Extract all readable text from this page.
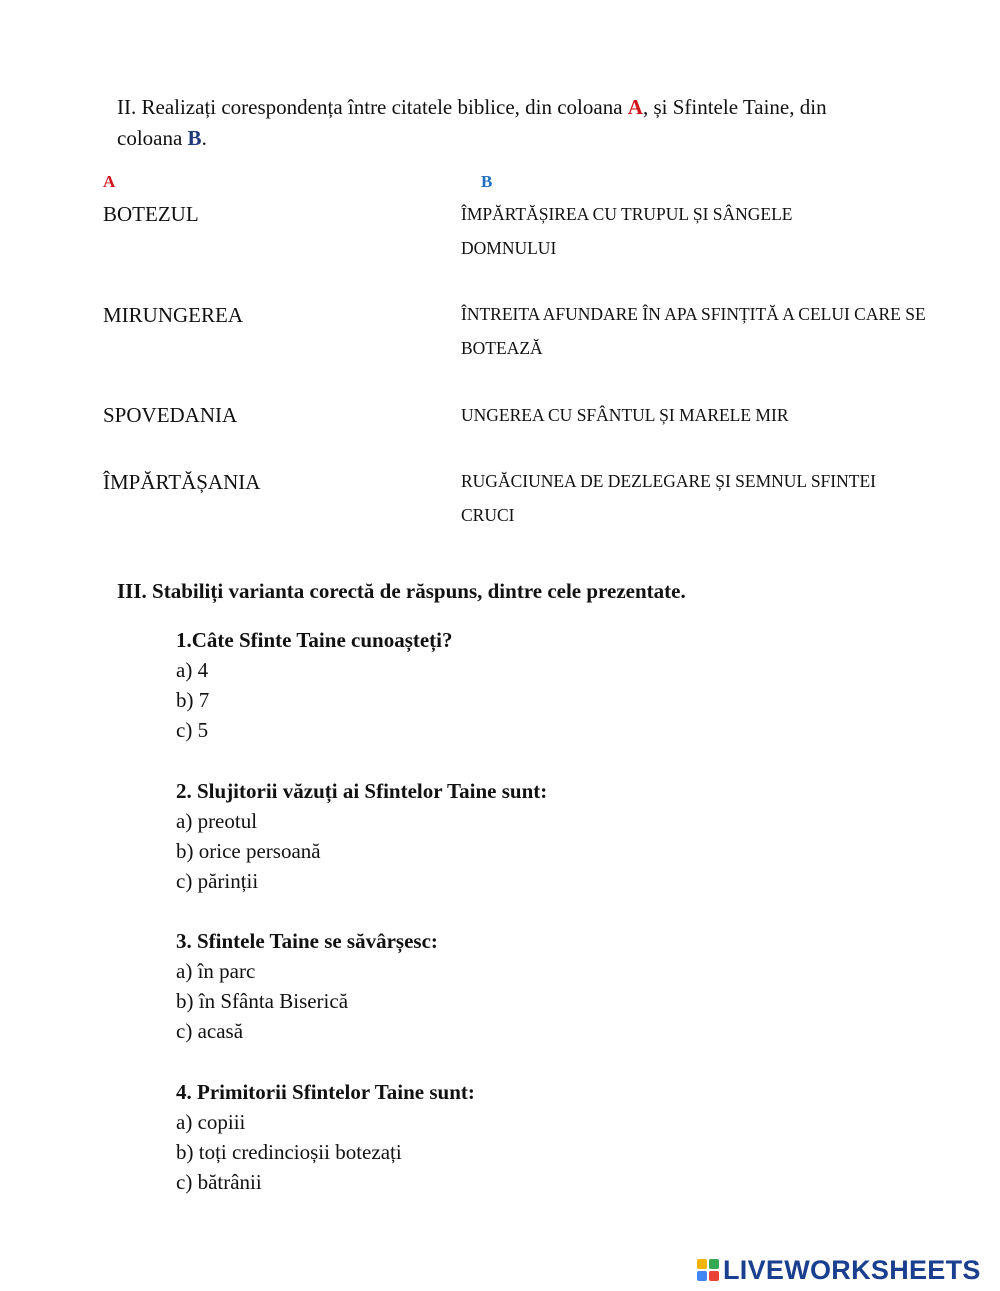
II. Realizați corespondența între citatele biblice, din coloana A, și Sfintele Taine, din coloana B.
A	B
BOTEZUL
MIRUNGEREA
SPOVEDANIA
ÎMPĂRTĂȘANIA
ÎMPĂRTĂȘIREA CU TRUPUL ȘI SÂNGELE DOMNULUI
ÎNTREITA AFUNDARE ÎN APA SFINȚITĂ A CELUI CARE SE BOTEAZĂ
UNGEREA CU SFÂNTUL ȘI MARELE MIR
RUGĂCIUNEA DE DEZLEGARE ȘI SEMNUL SFINTEI CRUCI
III. Stabiliți varianta corectă de răspuns, dintre cele prezentate.
1.Câte Sfinte Taine cunoașteți?
a) 4
b) 7
c) 5
2. Slujitorii văzuți ai Sfintelor Taine sunt:
a) preotul
b) orice persoană
c) părinții
3. Sfintele Taine se săvârșesc:
a) în parc
b) în Sfânta Biserică
c) acasă
4. Primitorii Sfintelor Taine sunt:
a) copiii
b) toți credincioșii botezați
c) bătrânii
LIVEWORKSHEETS
